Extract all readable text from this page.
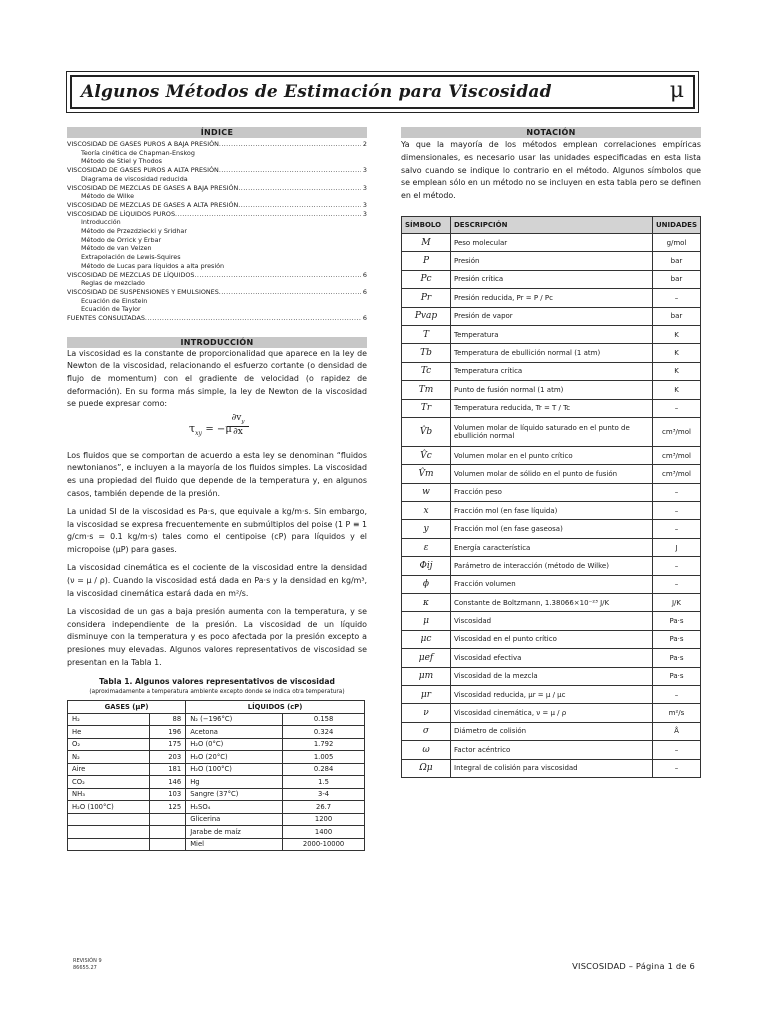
Algunos Métodos de Estimación para Viscosidad	μ
ÍNDICE
VISCOSIDAD DE GASES PUROS A BAJA PRESIÓN .....	2
Teoría cinética de Chapman-Enskog
Método de Stiel y Thodos
VISCOSIDAD DE GASES PUROS A ALTA PRESIÓN .....	3
Diagrama de viscosidad reducida
VISCOSIDAD DE MEZCLAS DE GASES A BAJA PRESIÓN .....	3
Método de Wilke
VISCOSIDAD DE MEZCLAS DE GASES A ALTA PRESIÓN .....	3
VISCOSIDAD DE LÍQUIDOS PUROS .....	3
Introducción
Método de Przezdziecki y Sridhar
Método de Orrick y Erbar
Método de van Velzen
Extrapolación de Lewis-Squires
Método de Lucas para líquidos a alta presión
VISCOSIDAD DE MEZCLAS DE LÍQUIDOS .....	6
Reglas de mezclado
VISCOSIDAD DE SUSPENSIONES Y EMULSIONES .....	6
Ecuación de Einstein
Ecuación de Taylor
FUENTES CONSULTADAS .....	6
INTRODUCCIÓN

La viscosidad es la constante de proporcionalidad que aparece en la ley de Newton de la viscosidad, relacionando el esfuerzo cortante (o densidad de flujo de momentum) con el gradiente de velocidad (o rapidez de deformación). En su forma más simple, la ley de Newton de la viscosidad se puede expresar como:

$\tau_{xy} = -\mu$
$\partial v_y$
∂x

Los fluidos que se comportan de acuerdo a esta ley se denominan “fluidos newtonianos”, e incluyen a la mayoría de los fluidos simples. La viscosidad es una propiedad del fluido que depende de la temperatura y, en algunos casos, también depende de la presión.

La unidad SI de la viscosidad es Pa·s, que equivale a kg/m·s. Sin embargo, la viscosidad se expresa frecuentemente en submúltiplos del poise (1 P ≡ 1 g/cm·s = 0.1 kg/m·s) tales como el centipoise (cP) para líquidos y el micropoise (μP) para gases.

La viscosidad cinemática es el cociente de la viscosidad entre la densidad (ν = μ / ρ). Cuando la viscosidad está dada en Pa·s y la densidad en kg/m³, la viscosidad cinemática estará dada en m²/s.

La viscosidad de un gas a baja presión aumenta con la temperatura, y se considera independiente de la presión. La viscosidad de un líquido disminuye con la temperatura y es poco afectada por la presión excepto a presiones muy elevadas. Algunos valores representativos de viscosidad se presentan en la Tabla 1.

Tabla 1. Algunos valores representativos de viscosidad
(aproximadamente a temperatura ambiente excepto donde se indica otra temperatura)
GASES (μP)		LÍQUIDOS (cP)	
H₂	88	N₂ (−196°C)	0.158
He	196	Acetona	0.324
O₂	175	H₂O (0°C)	1.792
N₂	203	H₂O (20°C)	1.005
Aire	181	H₂O (100°C)	0.284
CO₂	146	Hg	1.5
NH₃	103	Sangre (37°C)	3-4
H₂O (100°C)	125	H₂SO₄	26.7
		Glicerina	1200
		Jarabe de maíz	1400
		Miel	2000-10000
NOTACIÓN

Ya que la mayoría de los métodos emplean correlaciones empíricas dimensionales, es necesario usar las unidades especificadas en esta lista salvo cuando se indique lo contrario en el método. Algunos símbolos que se emplean sólo en un método no se incluyen en esta tabla pero se definen en el método.

SÍMBOLO	DESCRIPCIÓN	UNIDADES
M	Peso molecular	g/mol
P	Presión	bar
Pc	Presión crítica	bar
Pr	Presión reducida, Pr = P / Pc	–
Pvap	Presión de vapor	bar
T	Temperatura	K
Tb	Temperatura de ebullición normal (1 atm)	K
Tc	Temperatura crítica	K
Tm	Punto de fusión normal (1 atm)	K
Tr	Temperatura reducida, Tr = T / Tc	–
V̂b	Volumen molar de líquido saturado en el punto de ebullición normal	cm³/mol
V̂c	Volumen molar en el punto crítico	cm³/mol
V̂m	Volumen molar de sólido en el punto de fusión	cm³/mol
w	Fracción peso	–
x	Fracción mol (en fase líquida)	–
y	Fracción mol (en fase gaseosa)	–
ε	Energía característica	J
Φij	Parámetro de interacción (método de Wilke)	–
ϕ	Fracción volumen	–
κ	Constante de Boltzmann, 1.38066×10⁻²³ J/K	J/K
μ	Viscosidad	Pa·s
μc	Viscosidad en el punto crítico	Pa·s
μef	Viscosidad efectiva	Pa·s
μm	Viscosidad de la mezcla	Pa·s
μr	Viscosidad reducida, μr = μ / μc	–
ν	Viscosidad cinemática, ν = μ / ρ	m²/s
σ	Diámetro de colisión	Å
ω	Factor acéntrico	–
Ωμ	Integral de colisión para viscosidad	–
REVISIÓN 9
86655.27	VISCOSIDAD – Página 1 de 6
